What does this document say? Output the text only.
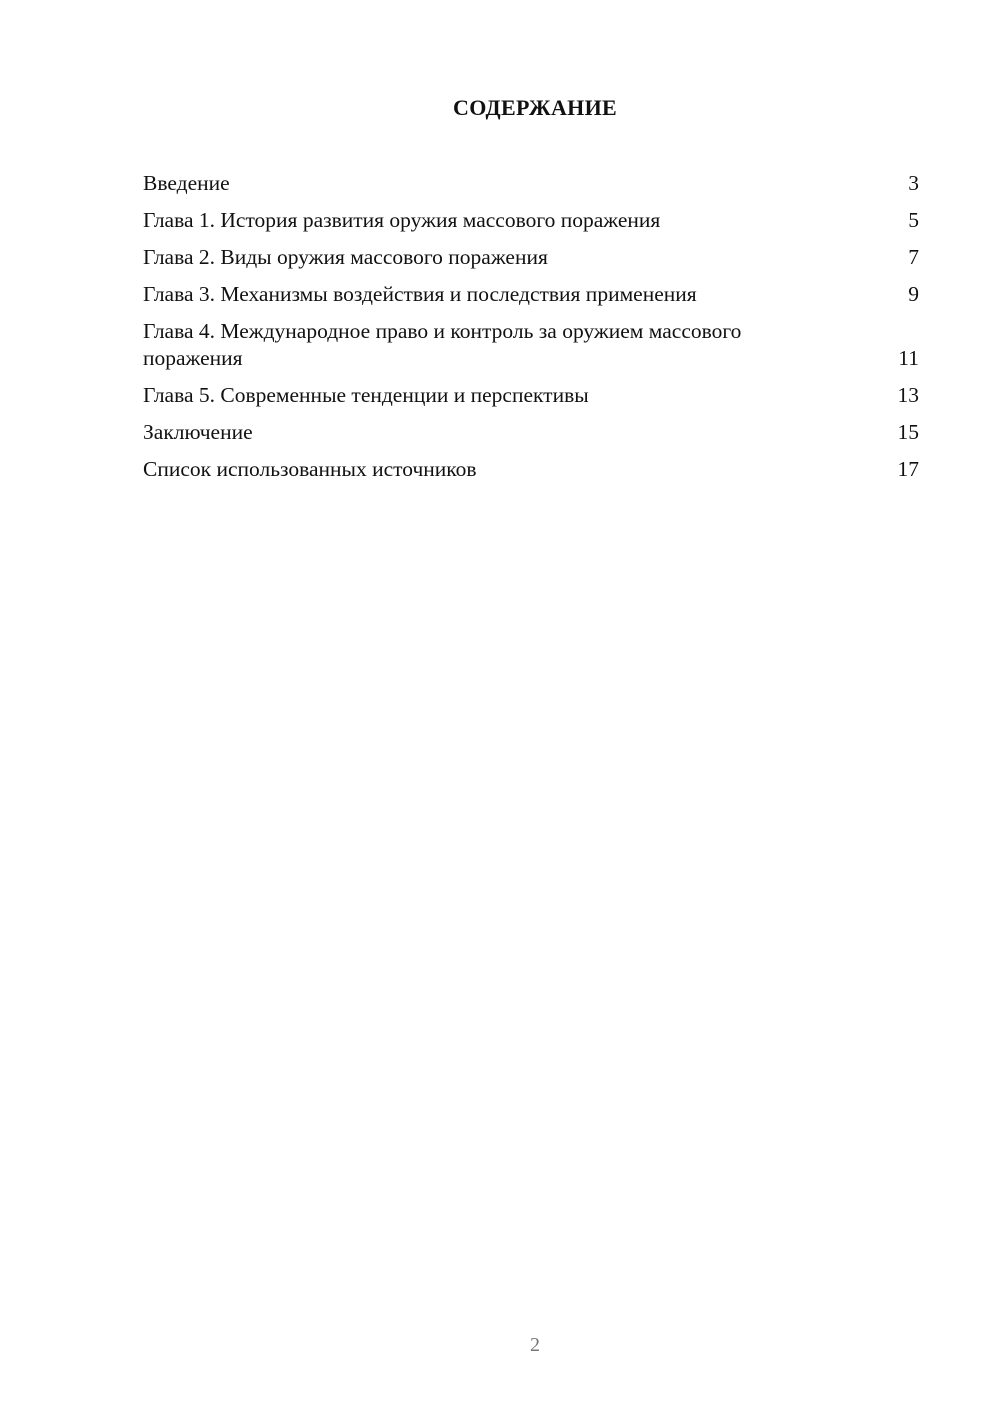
СОДЕРЖАНИЕ
Введение	3
Глава 1. История развития оружия массового поражения	5
Глава 2. Виды оружия массового поражения	7
Глава 3. Механизмы воздействия и последствия применения	9
Глава 4. Международное право и контроль за оружием массового поражения	11
Глава 5. Современные тенденции и перспективы	13
Заключение	15
Список использованных источников	17
2
